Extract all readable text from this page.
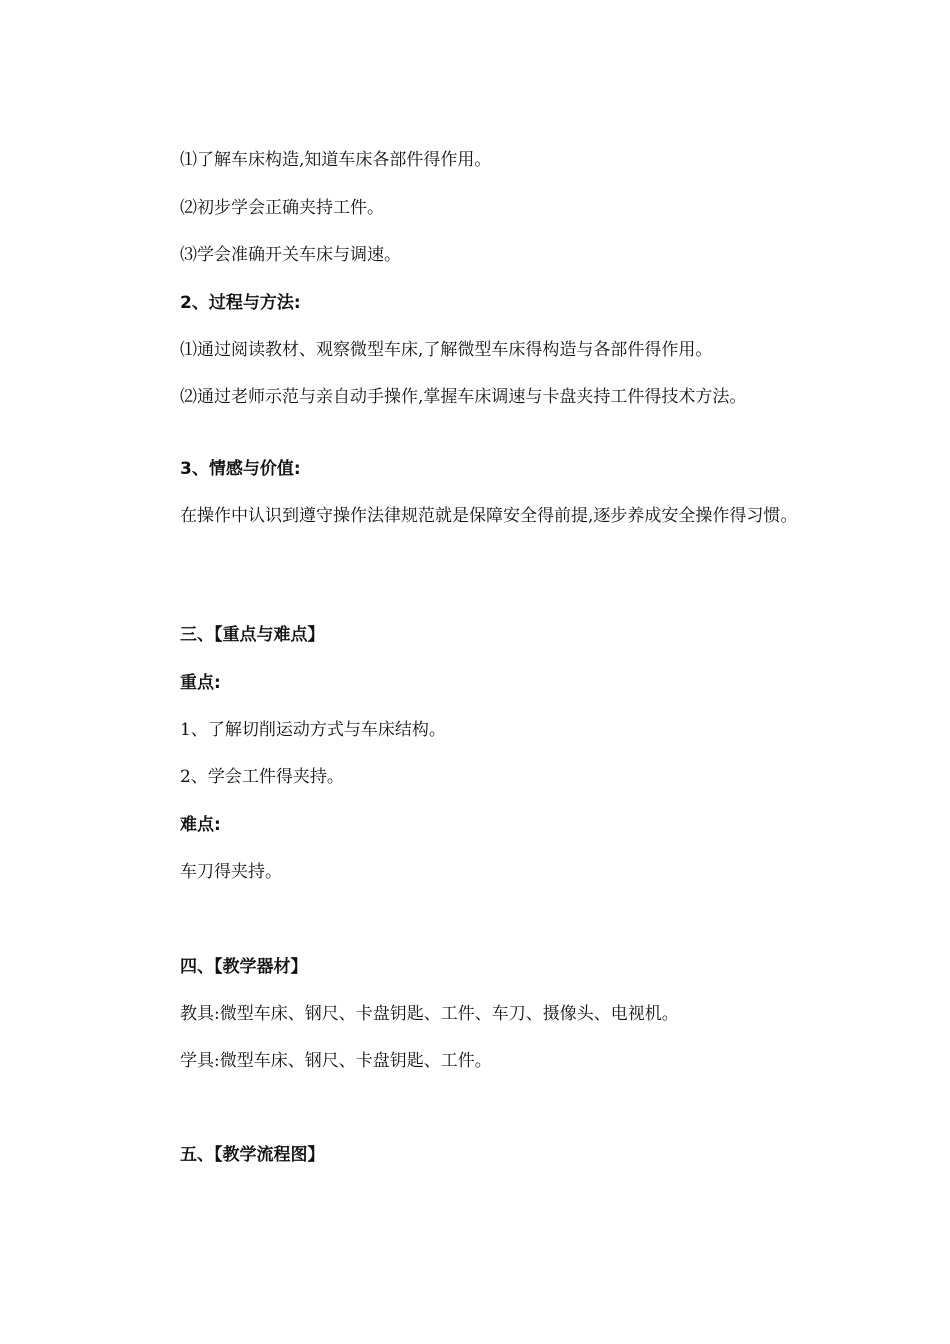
⑴了解车床构造,知道车床各部件得作用。
⑵初步学会正确夹持工件。
⑶学会准确开关车床与调速。
2、过程与方法:
⑴通过阅读教材、观察微型车床,了解微型车床得构造与各部件得作用。
⑵通过老师示范与亲自动手操作,掌握车床调速与卡盘夹持工件得技术方法。
3、情感与价值:
在操作中认识到遵守操作法律规范就是保障安全得前提,逐步养成安全操作得习惯。
三、【重点与难点】
重点:
1、了解切削运动方式与车床结构。
2、学会工件得夹持。
难点:
车刀得夹持。
四、【教学器材】
教具:微型车床、钢尺、卡盘钥匙、工件、车刀、摄像头、电视机。
学具:微型车床、钢尺、卡盘钥匙、工件。
五、【教学流程图】
